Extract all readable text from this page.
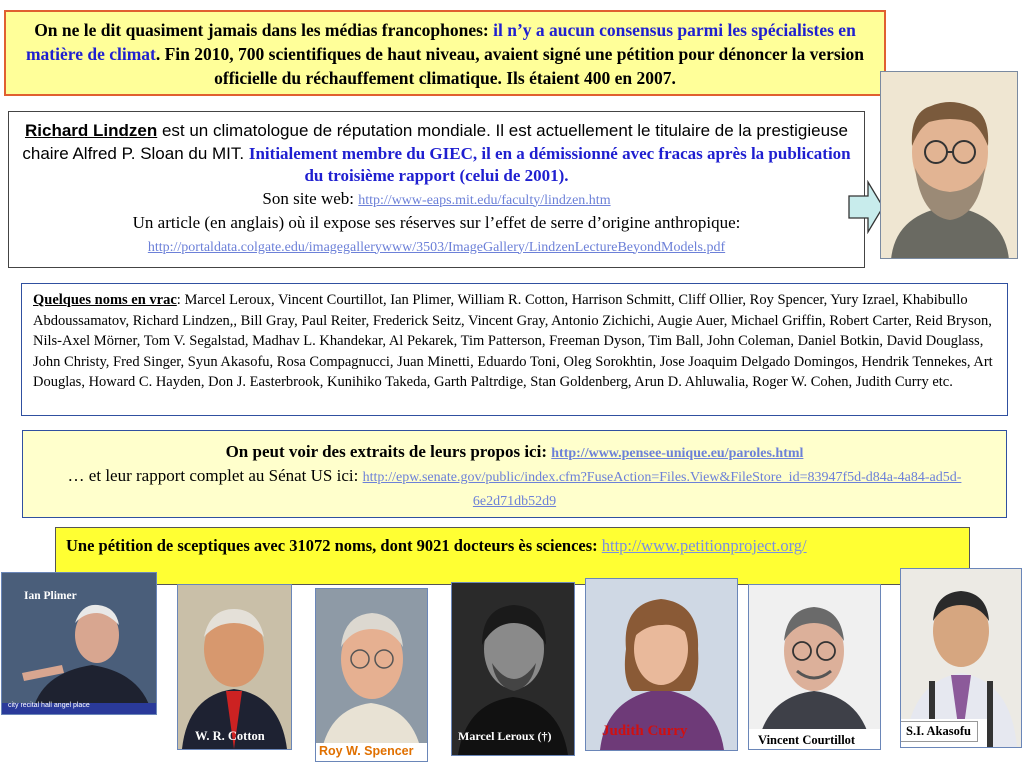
On ne le dit quasiment jamais dans les médias francophones: il n’y a aucun consensus parmi les spécialistes en matière de climat. Fin 2010, 700 scientifiques de haut niveau, avaient signé une pétition pour dénoncer la version officielle du réchauffement climatique. Ils étaient 400 en 2007.
Richard Lindzen est un climatologue de réputation mondiale. Il est actuellement le titulaire de la prestigieuse chaire Alfred P. Sloan du MIT. Initialement membre du GIEC, il en a démissionné avec fracas après la publication du troisième rapport (celui de 2001).
Son site web: http://www-eaps.mit.edu/faculty/lindzen.htm
Un article (en anglais) où il expose ses réserves sur l’effet de serre d’origine anthropique:
http://portaldata.colgate.edu/imagegallerywww/3503/ImageGallery/LindzenLectureBeyondModels.pdf
Quelques noms en vrac: Marcel Leroux, Vincent Courtillot, Ian Plimer, William R. Cotton, Harrison Schmitt, Cliff Ollier, Roy Spencer, Yury Izrael, Khabibullo Abdoussamatov, Richard Lindzen,, Bill Gray, Paul Reiter, Frederick Seitz, Vincent Gray, Antonio Zichichi, Augie Auer, Michael Griffin, Robert Carter, Reid Bryson, Nils-Axel Mörner, Tom V. Segalstad, Madhav L. Khandekar, Al Pekarek, Tim Patterson, Freeman Dyson, Tim Ball, John Coleman, Daniel Botkin, David Douglass, John Christy, Fred Singer, Syun Akasofu, Rosa Compagnucci, Juan Minetti, Eduardo Toni, Oleg Sorokhtin, Jose Joaquim Delgado Domingos, Hendrik Tennekes, Art Douglas, Howard C. Hayden, Don J. Easterbrook, Kunihiko Takeda, Garth Paltrdige, Stan Goldenberg, Arun D. Ahluwalia, Roger W. Cohen, Judith Curry etc.
On peut voir des extraits de leurs propos ici: http://www.pensee-unique.eu/paroles.html
… et leur rapport complet au Sénat US ici: http://epw.senate.gov/public/index.cfm?FuseAction=Files.View&FileStore_id=83947f5d-d84a-4a84-ad5d-6e2d71db52d9
Une pétition de sceptiques avec 31072 noms, dont 9021 docteurs ès sciences: http://www.petitionproject.org/
Ian Plimer
city recital hall angel place
W. R. Cotton
Roy W. Spencer
Marcel Leroux (†)	Judith Curry
Vincent Courtillot
S.I. Akasofu
